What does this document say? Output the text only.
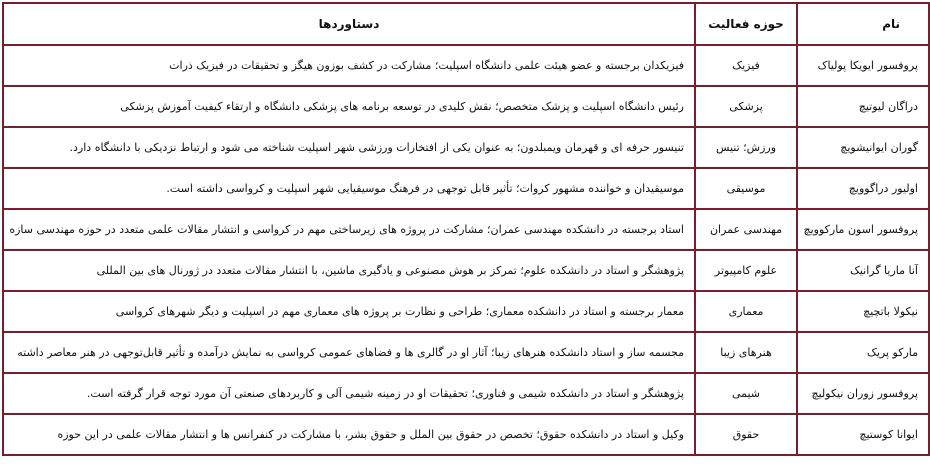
نام	حوزه فعالیت	دستاوردها
پروفسور ایویکا پولیاک	فیزیک	فیزیکدان برجسته و عضو هیئت علمی دانشگاه اسپلیت؛ مشارکت در کشف بوزون هیگز و تحقیقات در فیزیک ذرات
دراگان لیوتیچ	پزشکی	رئیس دانشگاه اسپلیت و پزشک متخصص؛ نقش کلیدی در توسعه برنامه های پزشکی دانشگاه و ارتقاء کیفیت آموزش پزشکی
گوران ایوانیشویچ	ورزش؛ تنیس	تنیسور حرفه ای و قهرمان ویمبلدون؛ به عنوان یکی از افتخارات ورزشی شهر اسپلیت شناخته می شود و ارتباط نزدیکی با دانشگاه دارد.
اولیور دراگوویچ	موسیقی	موسیقیدان و خواننده مشهور کروات؛ تأثیر قابل توجهی در فرهنگ موسیقیایی شهر اسپلیت و کرواسی داشته است.
پروفسور اسون مارکوویچ	مهندسی عمران	استاد برجسته در دانشکده مهندسی عمران؛ مشارکت در پروژه های زیرساختی مهم در کرواسی و انتشار مقالات علمی متعدد در حوزه مهندسی سازه
آنا ماریا گرانیک	علوم کامپیوتر	پژوهشگر و استاد در دانشکده علوم؛ تمرکز بر هوش مصنوعی و یادگیری ماشین، با انتشار مقالات متعدد در ژورنال های بین المللی
نیکولا باتچیچ	معماری	معمار برجسته و استاد در دانشکده معماری؛ طراحی و نظارت بر پروژه های معماری مهم در اسپلیت و دیگر شهرهای کرواسی
مارکو پریک	هنرهای زیبا	مجسمه ساز و استاد دانشکده هنرهای زیبا؛ آثار او در گالری ها و فضاهای عمومی کرواسی به نمایش درآمده و تأثیر قابل‌توجهی در هنر معاصر داشته
پروفسور زوران نیکولیچ	شیمی	پژوهشگر و استاد در دانشکده شیمی و فناوری؛ تحقیقات او در زمینه شیمی آلی و کاربردهای صنعتی آن مورد توجه قرار گرفته است.
ایوانا کوستیچ	حقوق	وکیل و استاد در دانشکده حقوق؛ تخصص در حقوق بین الملل و حقوق بشر، با مشارکت در کنفرانس ها و انتشار مقالات علمی در این حوزه
